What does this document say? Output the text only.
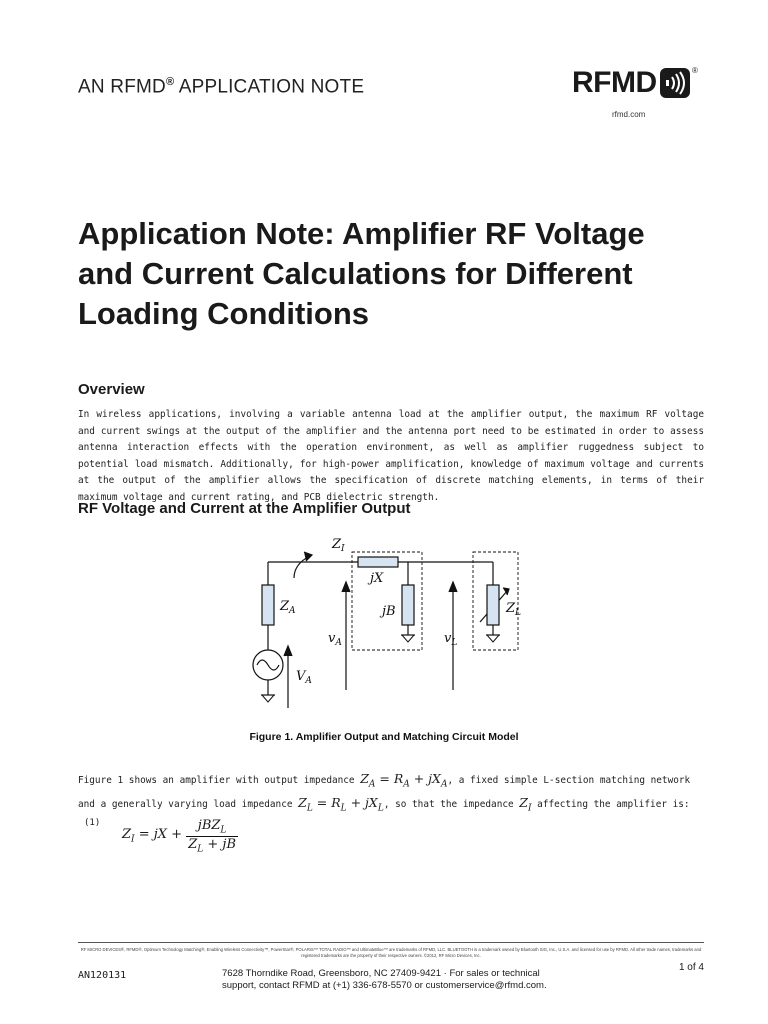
AN RFMD® APPLICATION NOTE	RFMD	®
rfmd.com
Application Note: Amplifier RF Voltage and Current Calculations for Different Loading Conditions
Overview
In wireless applications, involving a variable antenna load at the amplifier output, the maximum RF voltage and current swings at the output of the amplifier and the antenna port need to be estimated in order to assess antenna interaction effects with the operation environment, as well as amplifier ruggedness subject to potential load mismatch. Additionally, for high-power amplification, knowledge of maximum voltage and currents at the output of the amplifier allows the specification of discrete matching elements, in terms of their maximum voltage and current rating, and PCB dielectric strength.
RF Voltage and Current at the Amplifier Output
$Z_I$
jX
$Z_A$	jB	$Z_L$
$v_A$	$v_L$
$V_A$
Figure 1. Amplifier Output and Matching Circuit Model
Figure 1 shows an amplifier with output impedance $Z_A = R_A + jX_A$, a fixed simple L-section matching network and a generally varying load impedance $Z_L = R_L + jX_L$, so that the impedance $Z_I$ affecting the amplifier is:
(1)
$Z_I$ = jX + $\frac{jBZ_L}{Z_L + jB}$
RF MICRO DEVICES®, RFMD®, Optimum Technology Matching®, Enabling Wireless Connectivity™, PowerStar®, POLARIS™ TOTAL RADIO™ and UltimateBlue™ are trademarks of RFMD, LLC. BLUETOOTH is a trademark owned by Bluetooth SIG, Inc., U.S.A. and licensed for use by RFMD. All other trade names, trademarks and registered trademarks are the property of their respective owners. ©2012, RF Micro Devices, Inc.
AN120131	7628 Thorndike Road, Greensboro, NC 27409-9421 · For sales or technical
support, contact RFMD at (+1) 336-678-5570 or customerservice@rfmd.com.
1 of 4
